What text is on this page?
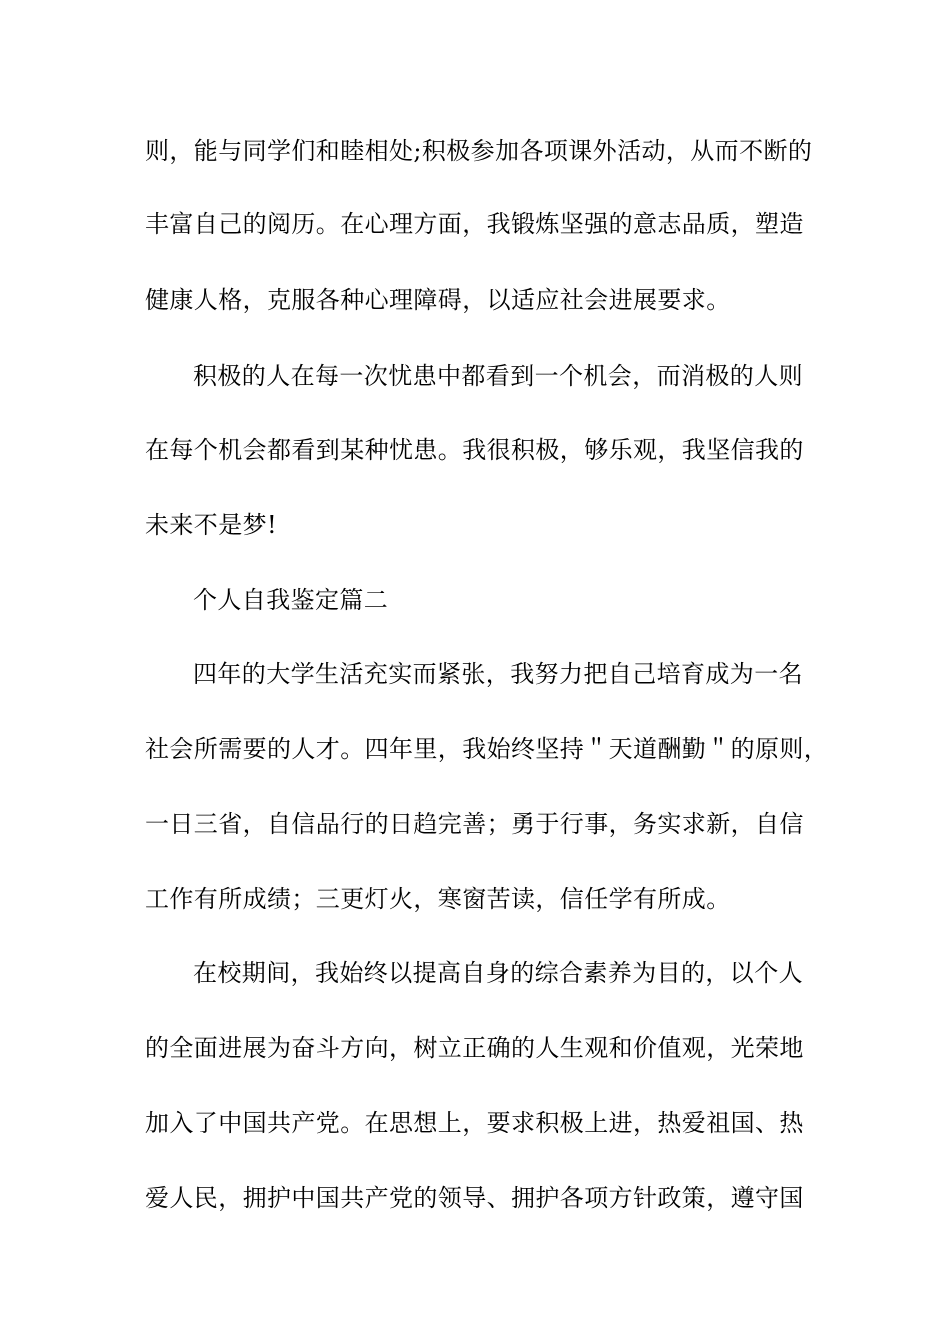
则，能与同学们和睦相处;积极参加各项课外活动，从而不断的
丰富自己的阅历。在心理方面，我锻炼坚强的意志品质，塑造
健康人格，克服各种心理障碍，以适应社会进展要求。
积极的人在每一次忧患中都看到一个机会，而消极的人则
在每个机会都看到某种忧患。我很积极，够乐观，我坚信我的
未来不是梦!
个人自我鉴定篇二
四年的大学生活充实而紧张，我努力把自己培育成为一名
社会所需要的人才。四年里，我始终坚持＂天道酬勤＂的原则，
一日三省，自信品行的日趋完善；勇于行事，务实求新，自信
工作有所成绩；三更灯火，寒窗苦读，信任学有所成。
在校期间，我始终以提高自身的综合素养为目的，以个人
的全面进展为奋斗方向，树立正确的人生观和价值观，光荣地
加入了中国共产党。在思想上，要求积极上进，热爱祖国、热
爱人民，拥护中国共产党的领导、拥护各项方针政策，遵守国
